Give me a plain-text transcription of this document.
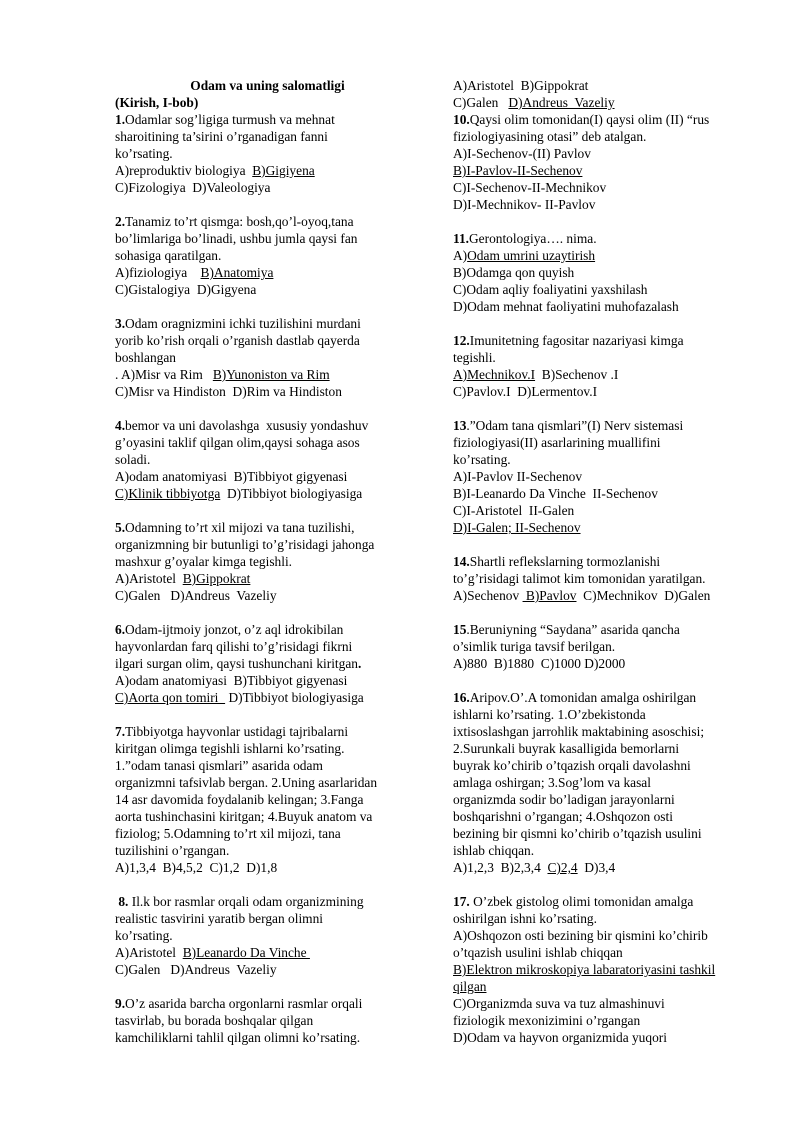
Odam va uning salomatligi
(Kirish, I-bob)
1.Odamlar sog’ligiga turmush va mehnat
sharoitining ta’sirini o’rganadigan fanni
ko’rsating.
A)reproduktiv biologiya  B)Gigiyena
C)Fizologiya  D)Valeologiya
2.Tanamiz to’rt qismga: bosh,qo’l-oyoq,tana
bo’limlariga bo’linadi, ushbu jumla qaysi fan
sohasiga qaratilgan.
A)fiziologiya    B)Anatomiya
C)Gistalogiya  D)Gigyena
3.Odam oragnizmini ichki tuzilishini murdani
yorib ko’rish orqali o’rganish dastlab qayerda
boshlangan
. A)Misr va Rim   B)Yunoniston va Rim
C)Misr va Hindiston  D)Rim va Hindiston
4.bemor va uni davolashga  xususiy yondashuv
g’oyasini taklif qilgan olim,qaysi sohaga asos
soladi.
A)odam anatomiyasi  B)Tibbiyot gigyenasi
C)Klinik tibbiyotga  D)Tibbiyot biologiyasiga
5.Odamning to’rt xil mijozi va tana tuzilishi,
organizmning bir butunligi to’g’risidagi jahonga
mashxur g’oyalar kimga tegishli.
A)Aristotel  B)Gippokrat
C)Galen   D)Andreus  Vazeliy
6.Odam-ijtmoiy jonzot, o’z aql idrokibilan
hayvonlardan farq qilishi to’g’risidagi fikrni
ilgari surgan olim, qaysi tushunchani kiritgan.
A)odam anatomiyasi  B)Tibbiyot gigyenasi
C)Aorta qon tomiri   D)Tibbiyot biologiyasiga
7.Tibbiyotga hayvonlar ustidagi tajribalarni
kiritgan olimga tegishli ishlarni ko’rsating.
1.”odam tanasi qismlari” asarida odam
organizmni tafsivlab bergan. 2.Uning asarlaridan
14 asr davomida foydalanib kelingan; 3.Fanga
aorta tushinchasini kiritgan; 4.Buyuk anatom va
fiziolog; 5.Odamning to’rt xil mijozi, tana
tuzilishini o’rgangan.
A)1,3,4  B)4,5,2  C)1,2  D)1,8
8. Il.k bor rasmlar orqali odam organizmining
realistic tasvirini yaratib bergan olimni
ko’rsating.
A)Aristotel  B)Leanardo Da Vinche
C)Galen   D)Andreus  Vazeliy
9.O’z asarida barcha orgonlarni rasmlar orqali
tasvirlab, bu borada boshqalar qilgan
kamchiliklarni tahlil qilgan olimni ko’rsating.
A)Aristotel  B)Gippokrat
C)Galen   D)Andreus  Vazeliy
10.Qaysi olim tomonidan(I) qaysi olim (II) “rus
fiziologiyasining otasi” deb atalgan.
A)I-Sechenov-(II) Pavlov
B)I-Pavlov-II-Sechenov
C)I-Sechenov-II-Mechnikov
D)I-Mechnikov- II-Pavlov
11.Gerontologiya…. nima.
A)Odam umrini uzaytirish
B)Odamga qon quyish
C)Odam aqliy foaliyatini yaxshilash
D)Odam mehnat faoliyatini muhofazalash
12.Imunitetning fagositar nazariyasi kimga
tegishli.
A)Mechnikov.I  B)Sechenov .I
C)Pavlov.I  D)Lermentov.I
13.”Odam tana qismlari”(I) Nerv sistemasi
fiziologiyasi(II) asarlarining muallifini
ko’rsating.
A)I-Pavlov II-Sechenov
B)I-Leanardo Da Vinche  II-Sechenov
C)I-Aristotel  II-Galen
D)I-Galen; II-Sechenov
14.Shartli reflekslarning tormozlanishi
to’g’risidagi talimot kim tomonidan yaratilgan.
A)Sechenov  B)Pavlov  C)Mechnikov  D)Galen
15.Beruniyning “Saydana” asarida qancha
o’simlik turiga tavsif berilgan.
A)880  B)1880  C)1000 D)2000
16.Aripov.O’.A tomonidan amalga oshirilgan
ishlarni ko’rsating. 1.O’zbekistonda
ixtisoslashgan jarrohlik maktabining asoschisi;
2.Surunkali buyrak kasalligida bemorlarni
buyrak ko’chirib o’tqazish orqali davolashni
amlaga oshirgan; 3.Sog’lom va kasal
organizmda sodir bo’ladigan jarayonlarni
boshqarishni o’rgangan; 4.Oshqozon osti
bezining bir qismni ko’chirib o’tqazish usulini
ishlab chiqqan.
A)1,2,3  B)2,3,4  C)2,4  D)3,4
17. O’zbek gistolog olimi tomonidan amalga
oshirilgan ishni ko’rsating.
A)Oshqozon osti bezining bir qismini ko’chirib
o’tqazish usulini ishlab chiqqan
B)Elektron mikroskopiya labaratoriyasini tashkil
qilgan
C)Organizmda suva va tuz almashinuvi
fiziologik mexonizimini o’rgangan
D)Odam va hayvon organizmida yuqori
